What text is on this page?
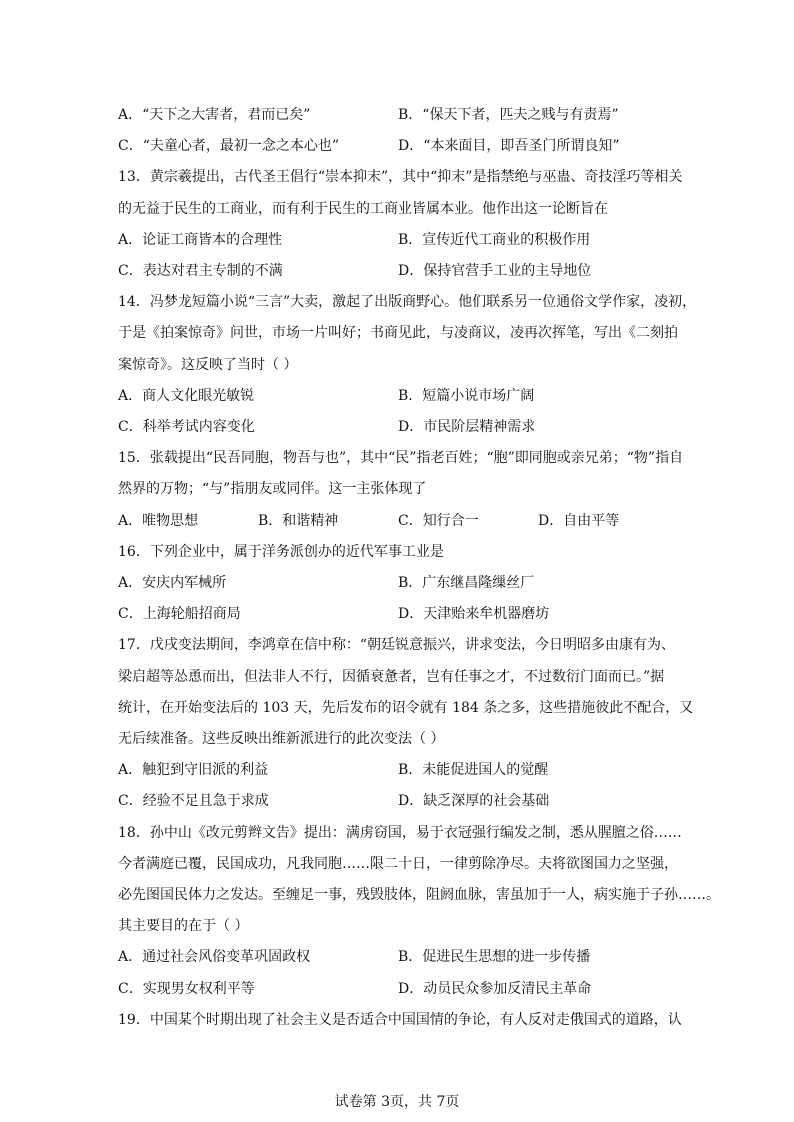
A．“天下之大害者，君而已矣”	B．“保天下者，匹夫之贱与有责焉”
C．“夫童心者，最初一念之本心也”	D．“本来面目，即吾圣门所谓良知”
13．黄宗羲提出，古代圣王倡行“崇本抑末”，其中“抑末”是指禁绝与巫蛊、奇技淫巧等相关
的无益于民生的工商业，而有利于民生的工商业皆属本业。他作出这一论断旨在
A．论证工商皆本的合理性	B．宣传近代工商业的积极作用
C．表达对君主专制的不满	D．保持官营手工业的主导地位
14．冯梦龙短篇小说“三言”大卖，激起了出版商野心。他们联系另一位通俗文学作家，凌初，
于是《拍案惊奇》问世，市场一片叫好；书商见此，与凌商议，凌再次挥笔，写出《二刻拍
案惊奇》。这反映了当时（ ）
A．商人文化眼光敏锐	B．短篇小说市场广阔
C．科举考试内容变化	D．市民阶层精神需求
15．张载提出“民吾同胞，物吾与也”，其中“民”指老百姓；“胞”即同胞或亲兄弟；“物”指自
然界的万物；“与”指朋友或同伴。这一主张体现了
A．唯物思想	B．和谐精神	C．知行合一	D．自由平等
16．下列企业中，属于洋务派创办的近代军事工业是
A．安庆内军械所	B．广东继昌隆缫丝厂
C．上海轮船招商局	D．天津贻来牟机器磨坊
17．戊戌变法期间，李鸿章在信中称：“朝廷锐意振兴，讲求变法，今日明昭多由康有为、
梁启超等怂恿而出，但法非人不行，因循衰惫者，岂有任事之才，不过数衍门面而已。”据
统计，在开始变法后的 103 天，先后发布的诏令就有 184 条之多，这些措施彼此不配合，又
无后续准备。这些反映出维新派进行的此次变法（ ）
A．触犯到守旧派的利益	B．未能促进国人的觉醒
C．经验不足且急于求成	D．缺乏深厚的社会基础
18．孙中山《改元剪辫文告》提出：满虏窃国，易于衣冠强行编发之制，悉从腥膻之俗……
今者满庭已覆，民国成功，凡我同胞……限二十日，一律剪除净尽。夫将欲图国力之坚强，
必先图国民体力之发达。至缠足一事，残毁肢体，阻阏血脉，害虽加于一人，病实施于子孙……。
其主要目的在于（ ）
A．通过社会风俗变革巩固政权	B．促进民生思想的进一步传播
C．实现男女权利平等	D．动员民众参加反清民主革命
19．中国某个时期出现了社会主义是否适合中国国情的争论，有人反对走俄国式的道路，认
试卷第 3页，共 7页
